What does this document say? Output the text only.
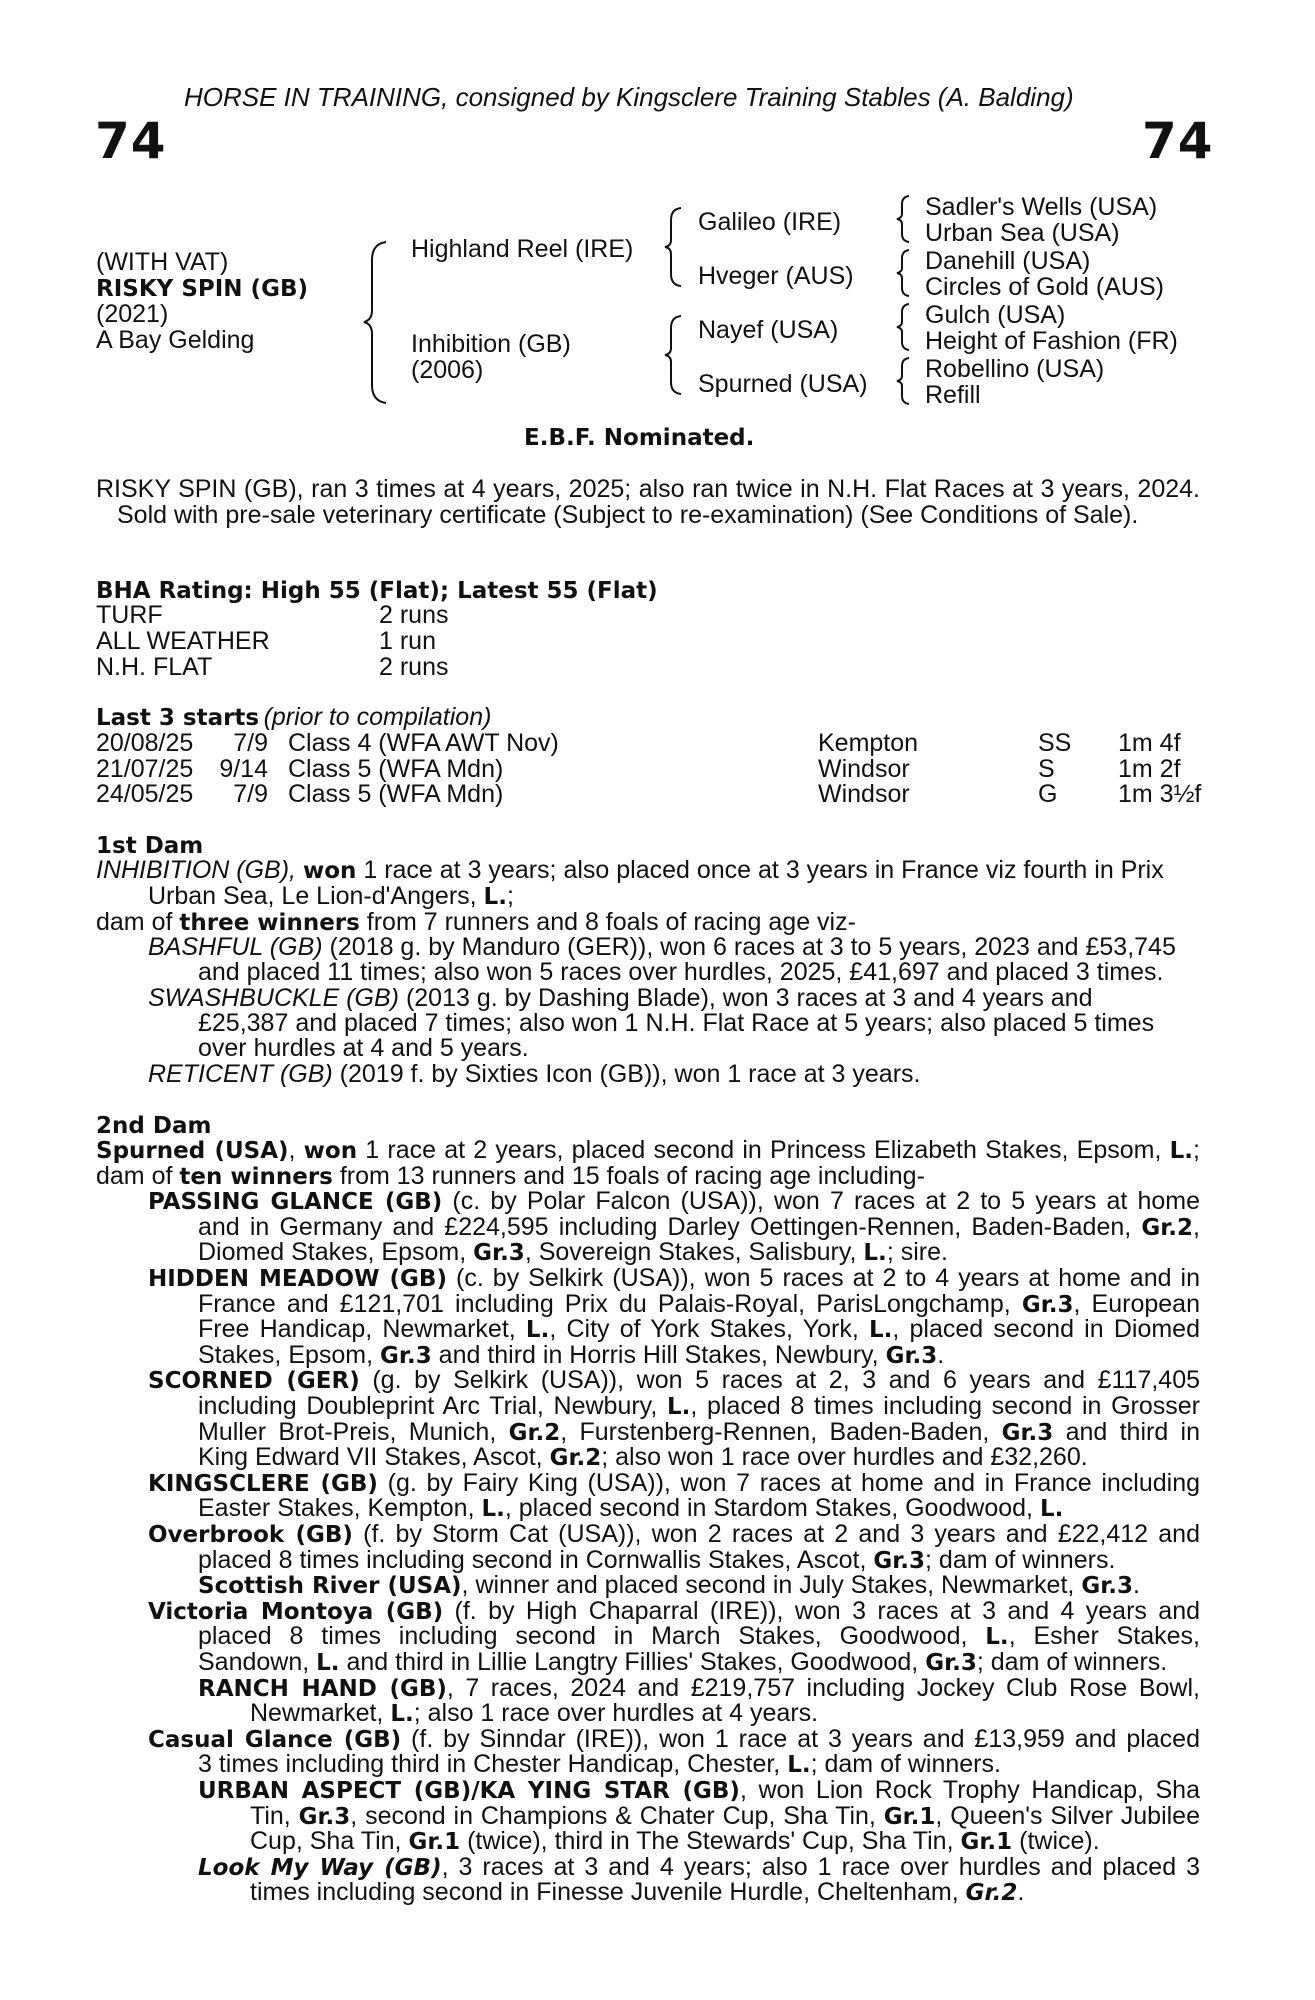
HORSE IN TRAINING, consigned by Kingsclere Training Stables (A. Balding)
74	74
(WITH VAT)
RISKY SPIN (GB)
(2021)
A Bay Gelding
Highland Reel (IRE)
Inhibition (GB)
(2006)
Galileo (IRE)
Hveger (AUS)
Nayef (USA)
Spurned (USA)
Sadler's Wells (USA)
Urban Sea (USA)
Danehill (USA)
Circles of Gold (AUS)
Gulch (USA)
Height of Fashion (FR)
Robellino (USA)
Refill
E.B.F. Nominated.
RISKY SPIN (GB), ran 3 times at 4 years, 2025; also ran twice in N.H. Flat Races at 3 years, 2024. Sold with pre-sale veterinary certificate (Subject to re-examination) (See Conditions of Sale).
BHA Rating: High 55 (Flat); Latest 55 (Flat)
TURF	2 runs
ALL WEATHER	1 run
N.H. FLAT	2 runs
Last 3 starts (prior to compilation)
20/08/25 7/9 Class 4 (WFA AWT Nov)	Kempton	SS 1m 4f
21/07/25 9/14 Class 5 (WFA Mdn)	Windsor	S	1m 2f
24/05/25 7/9 Class 5 (WFA Mdn)	Windsor	G 1m 3½f
1st Dam
INHIBITION (GB), won 1 race at 3 years; also placed once at 3 years in France viz fourth in Prix
Urban Sea, Le Lion-d'Angers, L.;
dam of three winners from 7 runners and 8 foals of racing age viz-
BASHFUL (GB) (2018 g. by Manduro (GER)), won 6 races at 3 to 5 years, 2023 and £53,745
and placed 11 times; also won 5 races over hurdles, 2025, £41,697 and placed 3 times.
SWASHBUCKLE (GB) (2013 g. by Dashing Blade), won 3 races at 3 and 4 years and
£25,387 and placed 7 times; also won 1 N.H. Flat Race at 5 years; also placed 5 times
over hurdles at 4 and 5 years.
RETICENT (GB) (2019 f. by Sixties Icon (GB)), won 1 race at 3 years.
2nd Dam
Spurned (USA), won 1 race at 2 years, placed second in Princess Elizabeth Stakes, Epsom, L.;
dam of ten winners from 13 runners and 15 foals of racing age including-
PASSING GLANCE (GB) (c. by Polar Falcon (USA)), won 7 races at 2 to 5 years at home
and in Germany and £224,595 including Darley Oettingen-Rennen, Baden-Baden, Gr.2,
Diomed Stakes, Epsom, Gr.3, Sovereign Stakes, Salisbury, L.; sire.
HIDDEN MEADOW (GB) (c. by Selkirk (USA)), won 5 races at 2 to 4 years at home and in
France and £121,701 including Prix du Palais-Royal, ParisLongchamp, Gr.3, European
Free Handicap, Newmarket, L., City of York Stakes, York, L., placed second in Diomed
Stakes, Epsom, Gr.3 and third in Horris Hill Stakes, Newbury, Gr.3.
SCORNED (GER) (g. by Selkirk (USA)), won 5 races at 2, 3 and 6 years and £117,405
including Doubleprint Arc Trial, Newbury, L., placed 8 times including second in Grosser
Muller Brot-Preis, Munich, Gr.2, Furstenberg-Rennen, Baden-Baden, Gr.3 and third in
King Edward VII Stakes, Ascot, Gr.2; also won 1 race over hurdles and £32,260.
KINGSCLERE (GB) (g. by Fairy King (USA)), won 7 races at home and in France including
Easter Stakes, Kempton, L., placed second in Stardom Stakes, Goodwood, L.
Overbrook (GB) (f. by Storm Cat (USA)), won 2 races at 2 and 3 years and £22,412 and
placed 8 times including second in Cornwallis Stakes, Ascot, Gr.3; dam of winners.
Scottish River (USA), winner and placed second in July Stakes, Newmarket, Gr.3.
Victoria Montoya (GB) (f. by High Chaparral (IRE)), won 3 races at 3 and 4 years and
placed 8 times including second in March Stakes, Goodwood, L., Esher Stakes,
Sandown, L. and third in Lillie Langtry Fillies' Stakes, Goodwood, Gr.3; dam of winners.
RANCH HAND (GB), 7 races, 2024 and £219,757 including Jockey Club Rose Bowl,
Newmarket, L.; also 1 race over hurdles at 4 years.
Casual Glance (GB) (f. by Sinndar (IRE)), won 1 race at 3 years and £13,959 and placed
3 times including third in Chester Handicap, Chester, L.; dam of winners.
URBAN ASPECT (GB)/KA YING STAR (GB), won Lion Rock Trophy Handicap, Sha
Tin, Gr.3, second in Champions & Chater Cup, Sha Tin, Gr.1, Queen's Silver Jubilee
Cup, Sha Tin, Gr.1 (twice), third in The Stewards' Cup, Sha Tin, Gr.1 (twice).
Look My Way (GB), 3 races at 3 and 4 years; also 1 race over hurdles and placed 3
times including second in Finesse Juvenile Hurdle, Cheltenham, Gr.2.
